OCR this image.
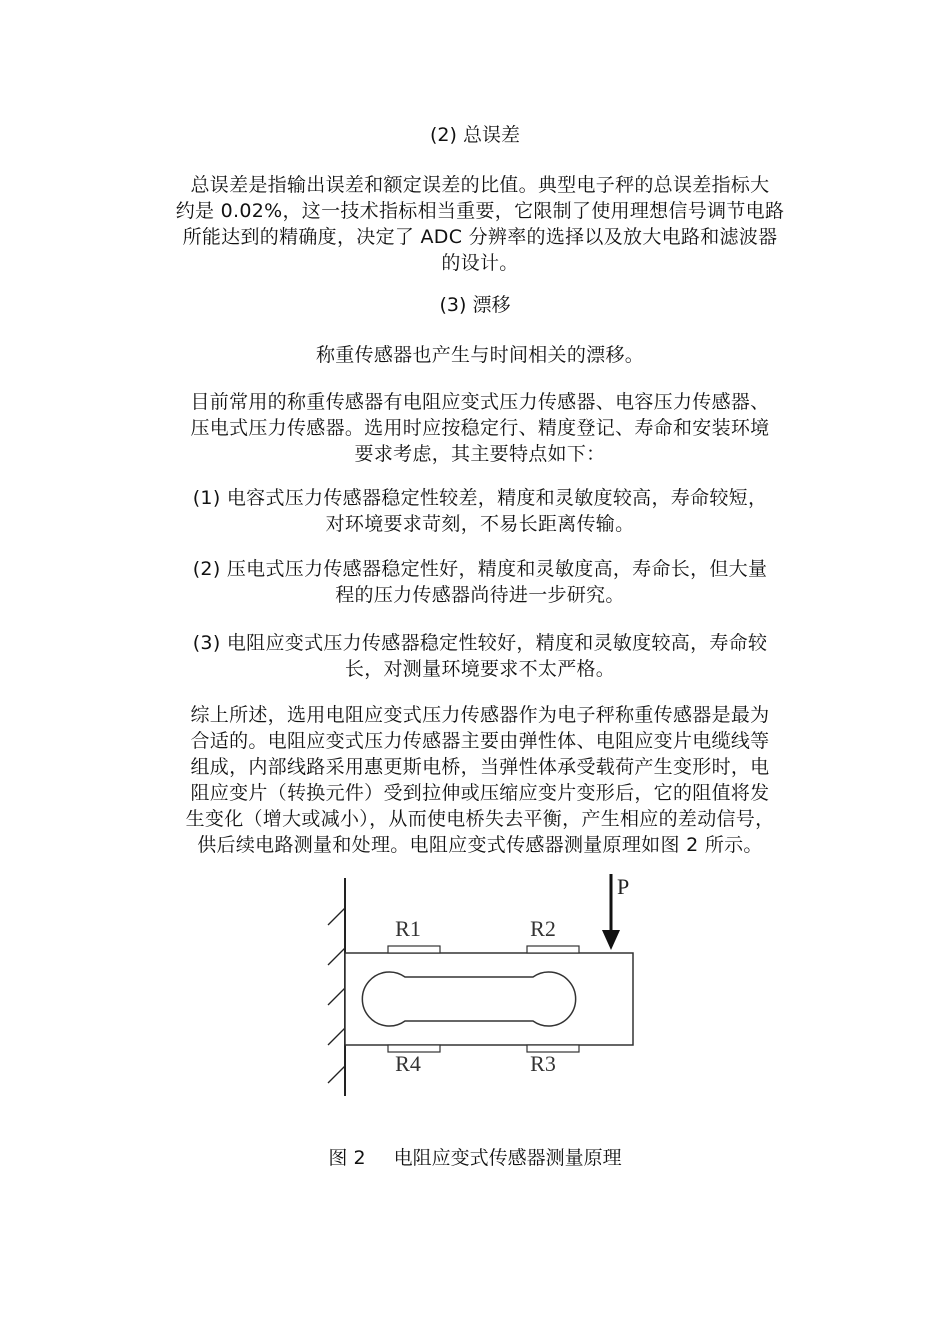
(2) 总误差
总误差是指输出误差和额定误差的比值。典型电子秤的总误差指标大
约是 0.02%，这一技术指标相当重要，它限制了使用理想信号调节电路
所能达到的精确度，决定了 ADC 分辨率的选择以及放大电路和滤波器
的设计。
(3) 漂移
称重传感器也产生与时间相关的漂移。
目前常用的称重传感器有电阻应变式压力传感器、电容压力传感器、
压电式压力传感器。选用时应按稳定行、精度登记、寿命和安装环境
要求考虑，其主要特点如下：
(1) 电容式压力传感器稳定性较差，精度和灵敏度较高，寿命较短，
对环境要求苛刻，不易长距离传输。
(2) 压电式压力传感器稳定性好，精度和灵敏度高，寿命长，但大量
程的压力传感器尚待进一步研究。
(3) 电阻应变式压力传感器稳定性较好，精度和灵敏度较高，寿命较
长，对测量环境要求不太严格。
综上所述，选用电阻应变式压力传感器作为电子秤称重传感器是最为
合适的。电阻应变式压力传感器主要由弹性体、电阻应变片电缆线等
组成，内部线路采用惠更斯电桥，当弹性体承受载荷产生变形时，电
阻应变片（转换元件）受到拉伸或压缩应变片变形后，它的阻值将发
生变化（增大或减小），从而使电桥失去平衡，产生相应的差动信号，
供后续电路测量和处理。电阻应变式传感器测量原理如图 2 所示。
R1	R2
R4	R3
P
图 2 电阻应变式传感器测量原理
